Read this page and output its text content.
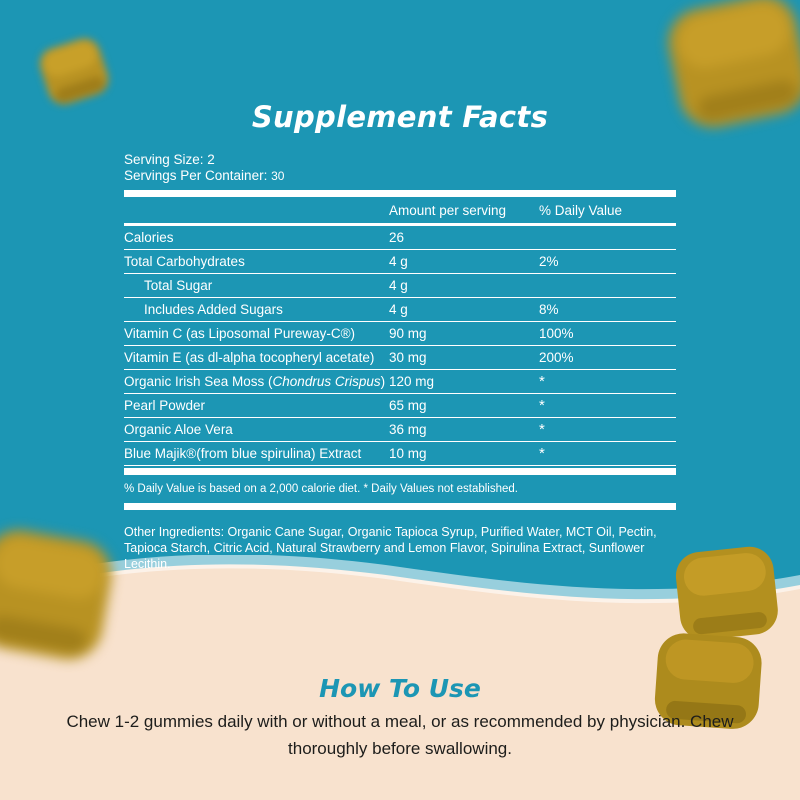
Supplement Facts
Serving Size: 2
Servings Per Container: 30
	Amount per serving	% Daily Value
Calories	26	
Total Carbohydrates	4 g	2%
Total Sugar	4 g	
Includes Added Sugars	4 g	8%
Vitamin C (as Liposomal Pureway-C®)	90 mg	100%
Vitamin E (as dl-alpha tocopheryl acetate)	30 mg	200%
Organic Irish Sea Moss (Chondrus Crispus)	120 mg	*
Pearl Powder	65 mg	*
Organic Aloe Vera	36 mg	*
Blue Majik®(from blue spirulina) Extract	10 mg	*
% Daily Value is based on a 2,000 calorie diet. * Daily Values not established.
Other Ingredients: Organic Cane Sugar, Organic Tapioca Syrup, Purified Water, MCT Oil, Pectin, Tapioca Starch, Citric Acid, Natural Strawberry and Lemon Flavor, Spirulina Extract, Sunflower Lecithin.
How To Use
Chew 1-2 gummies daily with or without a meal, or as recommended by physician. Chew thoroughly before swallowing.
